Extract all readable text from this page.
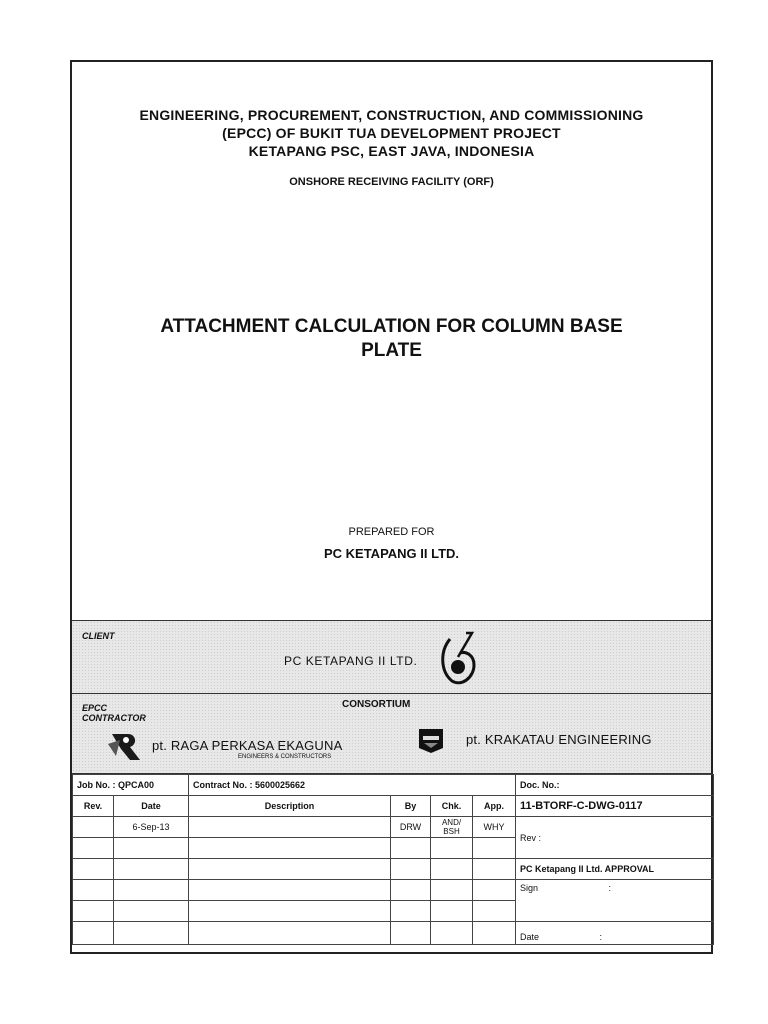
ENGINEERING, PROCUREMENT, CONSTRUCTION, AND COMMISSIONING
(EPCC) OF BUKIT TUA DEVELOPMENT PROJECT
KETAPANG PSC, EAST JAVA, INDONESIA
ONSHORE RECEIVING FACILITY (ORF)
ATTACHMENT CALCULATION FOR COLUMN BASE
PLATE
PREPARED FOR
PC KETAPANG II LTD.
CLIENT
PC KETAPANG II LTD.
EPCC
CONTRACTOR
CONSORTIUM
pt. RAGA PERKASA EKAGUNA
ENGINEERS & CONSTRUCTORS
pt. KRAKATAU ENGINEERING
Job No. : QPCA00		Contract No. : 5600025662				Doc. No.:
Rev.	Date	Description	By	Chk.	App.	11-BTORF-C-DWG-0117
	6-Sep-13		DRW	AND/ BSH	WHY	Rev :

						PC Ketapang II Ltd. APPROVAL
						Sign :

						Date :
